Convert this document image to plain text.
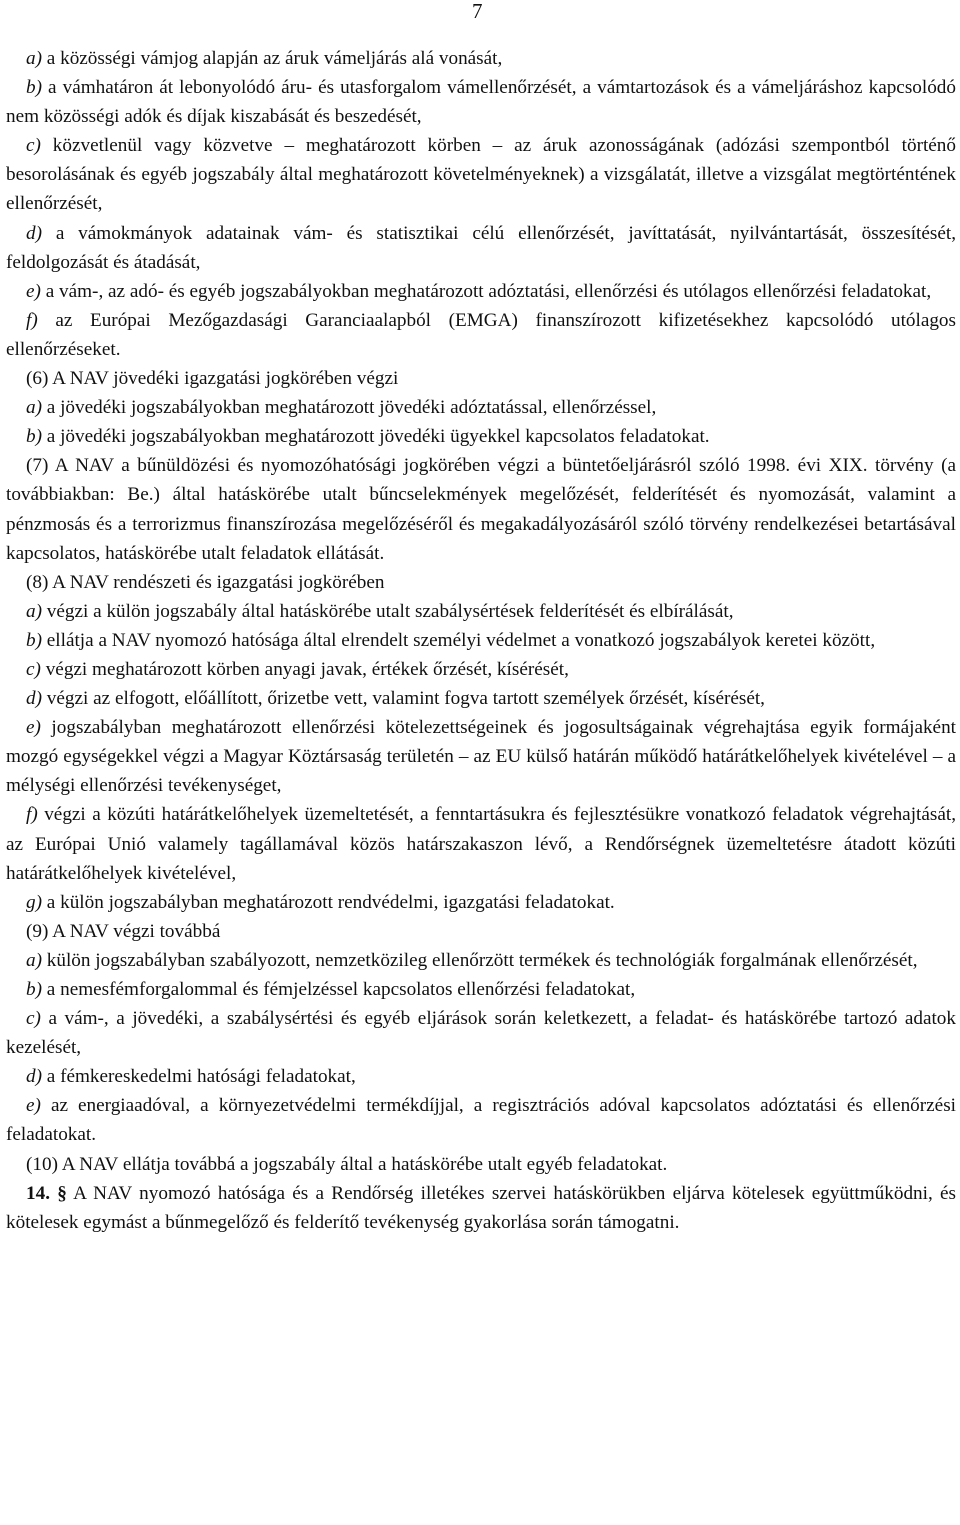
7
a) a közösségi vámjog alapján az áruk vámeljárás alá vonását,
b) a vámhatáron át lebonyolódó áru- és utasforgalom vámellenőrzését, a vámtartozások és a vámeljáráshoz kapcsolódó nem közösségi adók és díjak kiszabását és beszedését,
c) közvetlenül vagy közvetve – meghatározott körben – az áruk azonosságának (adózási szempontból történő besorolásának és egyéb jogszabály által meghatározott követelményeknek) a vizsgálatát, illetve a vizsgálat megtörténtének ellenőrzését,
d) a vámokmányok adatainak vám- és statisztikai célú ellenőrzését, javíttatását, nyilvántartását, összesítését, feldolgozását és átadását,
e) a vám-, az adó- és egyéb jogszabályokban meghatározott adóztatási, ellenőrzési és utólagos ellenőrzési feladatokat,
f) az Európai Mezőgazdasági Garanciaalapból (EMGA) finanszírozott kifizetésekhez kapcsolódó utólagos ellenőrzéseket.
(6) A NAV jövedéki igazgatási jogkörében végzi
a) a jövedéki jogszabályokban meghatározott jövedéki adóztatással, ellenőrzéssel,
b) a jövedéki jogszabályokban meghatározott jövedéki ügyekkel kapcsolatos feladatokat.
(7) A NAV a bűnüldözési és nyomozóhatósági jogkörében végzi a büntetőeljárásról szóló 1998. évi XIX. törvény (a továbbiakban: Be.) által hatáskörébe utalt bűncselekmények megelőzését, felderítését és nyomozását, valamint a pénzmosás és a terrorizmus finanszírozása megelőzéséről és megakadályozásáról szóló törvény rendelkezései betartásával kapcsolatos, hatáskörébe utalt feladatok ellátását.
(8) A NAV rendészeti és igazgatási jogkörében
a) végzi a külön jogszabály által hatáskörébe utalt szabálysértések felderítését és elbírálását,
b) ellátja a NAV nyomozó hatósága által elrendelt személyi védelmet a vonatkozó jogszabályok keretei között,
c) végzi meghatározott körben anyagi javak, értékek őrzését, kísérését,
d) végzi az elfogott, előállított, őrizetbe vett, valamint fogva tartott személyek őrzését, kísérését,
e) jogszabályban meghatározott ellenőrzési kötelezettségeinek és jogosultságainak végrehajtása egyik formájaként mozgó egységekkel végzi a Magyar Köztársaság területén – az EU külső határán működő határátkelőhelyek kivételével – a mélységi ellenőrzési tevékenységet,
f) végzi a közúti határátkelőhelyek üzemeltetését, a fenntartásukra és fejlesztésükre vonatkozó feladatok végrehajtását, az Európai Unió valamely tagállamával közös határszakaszon lévő, a Rendőrségnek üzemeltetésre átadott közúti határátkelőhelyek kivételével,
g) a külön jogszabályban meghatározott rendvédelmi, igazgatási feladatokat.
(9) A NAV végzi továbbá
a) külön jogszabályban szabályozott, nemzetközileg ellenőrzött termékek és technológiák forgalmának ellenőrzését,
b) a nemesfémforgalommal és fémjelzéssel kapcsolatos ellenőrzési feladatokat,
c) a vám-, a jövedéki, a szabálysértési és egyéb eljárások során keletkezett, a feladat- és hatáskörébe tartozó adatok kezelését,
d) a fémkereskedelmi hatósági feladatokat,
e) az energiaadóval, a környezetvédelmi termékdíjjal, a regisztrációs adóval kapcsolatos adóztatási és ellenőrzési feladatokat.
(10) A NAV ellátja továbbá a jogszabály által a hatáskörébe utalt egyéb feladatokat.
14. § A NAV nyomozó hatósága és a Rendőrség illetékes szervei hatáskörükben eljárva kötelesek együttműködni, és kötelesek egymást a bűnmegelőző és felderítő tevékenység gyakorlása során támogatni.
